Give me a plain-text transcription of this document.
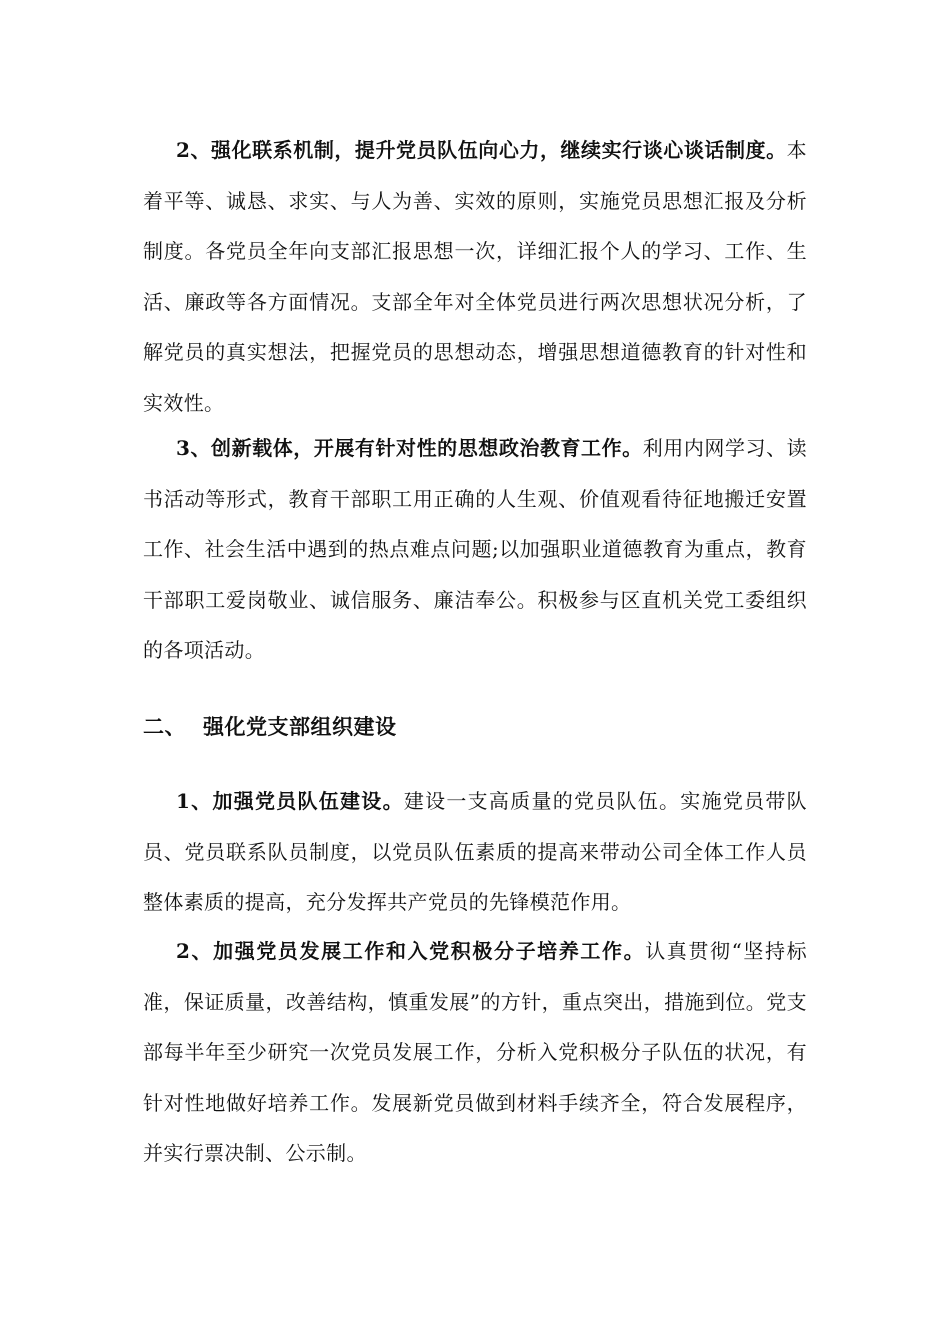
2、强化联系机制，提升党员队伍向心力，继续实行谈心谈话制度。本着平等、诚恳、求实、与人为善、实效的原则，实施党员思想汇报及分析制度。各党员全年向支部汇报思想一次，详细汇报个人的学习、工作、生活、廉政等各方面情况。支部全年对全体党员进行两次思想状况分析，了解党员的真实想法，把握党员的思想动态，增强思想道德教育的针对性和实效性。

3、创新载体，开展有针对性的思想政治教育工作。利用内网学习、读书活动等形式，教育干部职工用正确的人生观、价值观看待征地搬迁安置工作、社会生活中遇到的热点难点问题;以加强职业道德教育为重点，教育干部职工爱岗敬业、诚信服务、廉洁奉公。积极参与区直机关党工委组织的各项活动。

二、 强化党支部组织建设

1、加强党员队伍建设。建设一支高质量的党员队伍。实施党员带队员、党员联系队员制度，以党员队伍素质的提高来带动公司全体工作人员整体素质的提高，充分发挥共产党员的先锋模范作用。

2、加强党员发展工作和入党积极分子培养工作。认真贯彻“坚持标准，保证质量，改善结构，慎重发展”的方针，重点突出，措施到位。党支部每半年至少研究一次党员发展工作，分析入党积极分子队伍的状况，有针对性地做好培养工作。发展新党员做到材料手续齐全，符合发展程序，并实行票决制、公示制。
